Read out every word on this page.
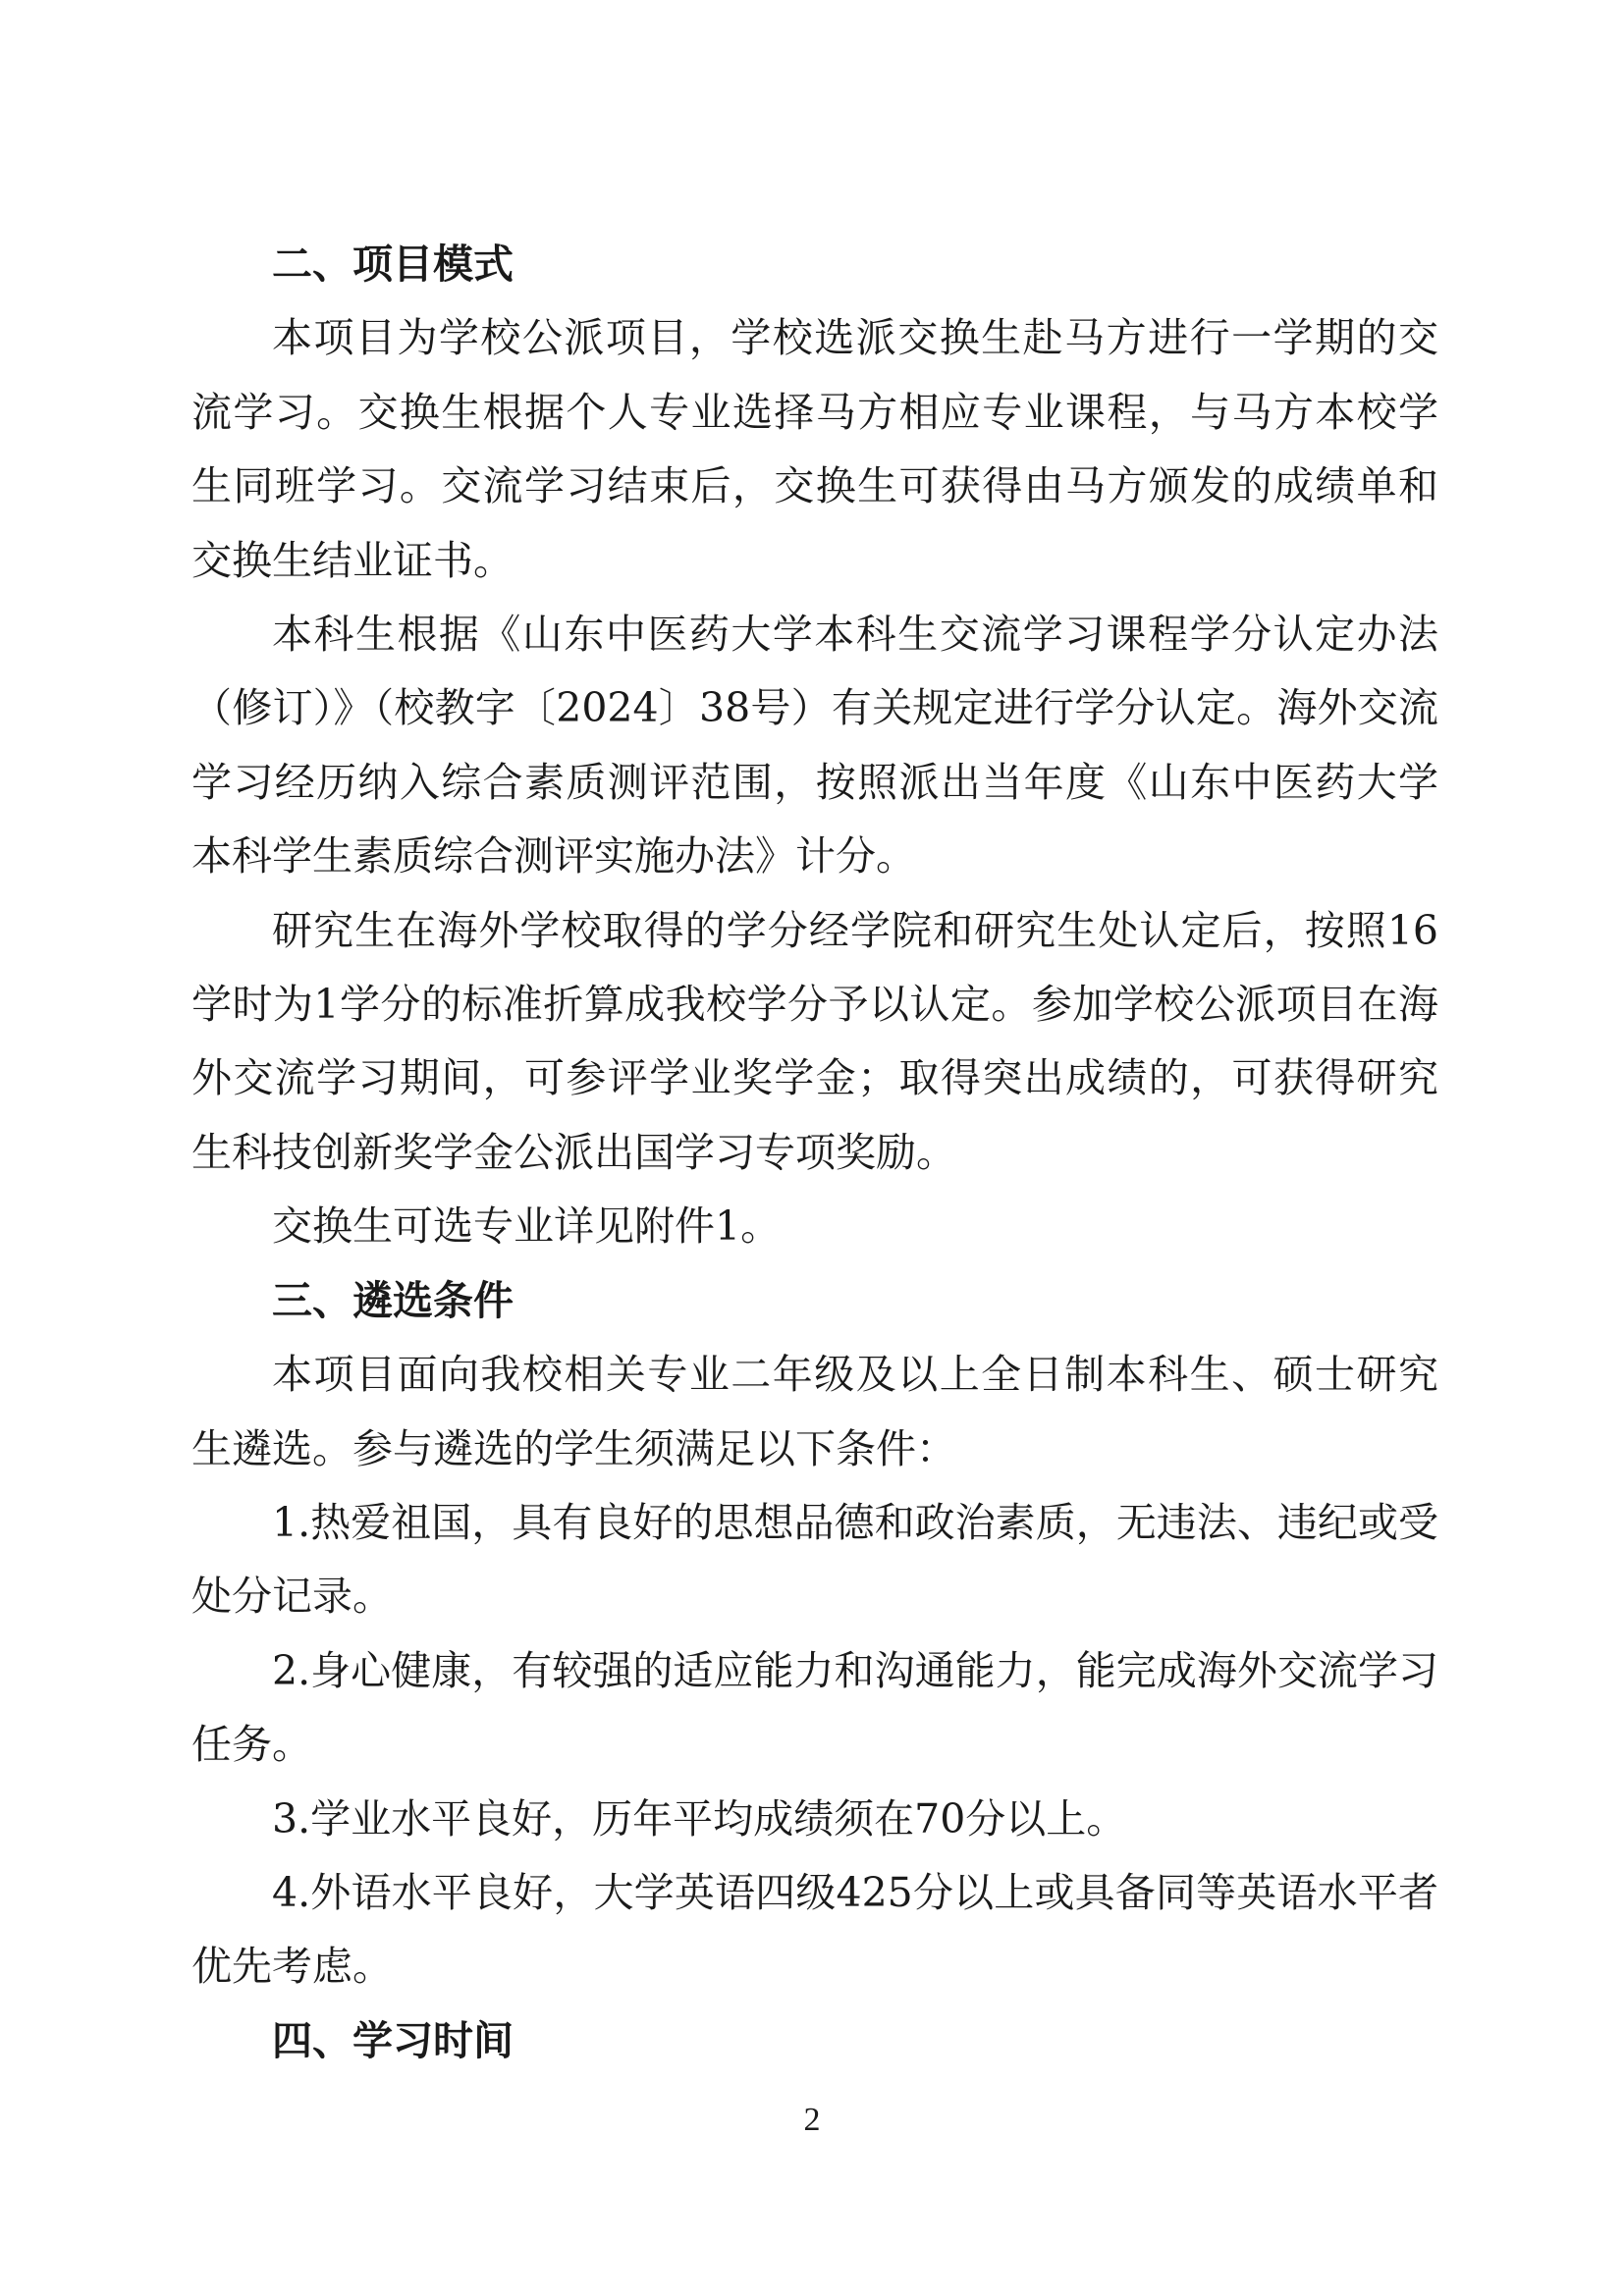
二、项目模式

本项目为学校公派项目，学校选派交换生赴马方进行一学期的交流学习。交换生根据个人专业选择马方相应专业课程，与马方本校学生同班学习。交流学习结束后，交换生可获得由马方颁发的成绩单和交换生结业证书。

本科生根据《山东中医药大学本科生交流学习课程学分认定办法（修订）》（校教字〔2024〕38号）有关规定进行学分认定。海外交流学习经历纳入综合素质测评范围，按照派出当年度《山东中医药大学本科学生素质综合测评实施办法》计分。

研究生在海外学校取得的学分经学院和研究生处认定后，按照16学时为1学分的标准折算成我校学分予以认定。参加学校公派项目在海外交流学习期间，可参评学业奖学金；取得突出成绩的，可获得研究生科技创新奖学金公派出国学习专项奖励。

交换生可选专业详见附件1。

三、遴选条件

本项目面向我校相关专业二年级及以上全日制本科生、硕士研究生遴选。参与遴选的学生须满足以下条件：

1.热爱祖国，具有良好的思想品德和政治素质，无违法、违纪或受处分记录。

2.身心健康，有较强的适应能力和沟通能力，能完成海外交流学习任务。

3.学业水平良好，历年平均成绩须在70分以上。

4.外语水平良好，大学英语四级425分以上或具备同等英语水平者优先考虑。

四、学习时间
2
